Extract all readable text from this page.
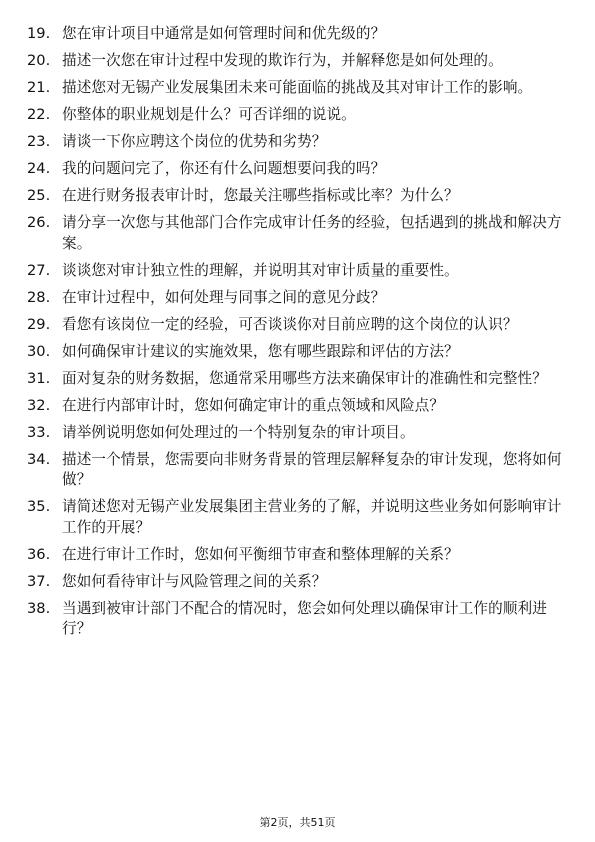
19. 您在审计项目中通常是如何管理时间和优先级的？
20. 描述一次您在审计过程中发现的欺诈行为，并解释您是如何处理的。
21. 描述您对无锡产业发展集团未来可能面临的挑战及其对审计工作的影响。
22. 你整体的职业规划是什么？可否详细的说说。
23. 请谈一下你应聘这个岗位的优势和劣势？
24. 我的问题问完了，你还有什么问题想要问我的吗？
25. 在进行财务报表审计时，您最关注哪些指标或比率？为什么？
26. 请分享一次您与其他部门合作完成审计任务的经验，包括遇到的挑战和解决方案。
27. 谈谈您对审计独立性的理解，并说明其对审计质量的重要性。
28. 在审计过程中，如何处理与同事之间的意见分歧？
29. 看您有该岗位一定的经验，可否谈谈你对目前应聘的这个岗位的认识？
30. 如何确保审计建议的实施效果，您有哪些跟踪和评估的方法？
31. 面对复杂的财务数据，您通常采用哪些方法来确保审计的准确性和完整性？
32. 在进行内部审计时，您如何确定审计的重点领域和风险点？
33. 请举例说明您如何处理过的一个特别复杂的审计项目。
34. 描述一个情景，您需要向非财务背景的管理层解释复杂的审计发现，您将如何做？
35. 请简述您对无锡产业发展集团主营业务的了解，并说明这些业务如何影响审计工作的开展？
36. 在进行审计工作时，您如何平衡细节审查和整体理解的关系？
37. 您如何看待审计与风险管理之间的关系？
38. 当遇到被审计部门不配合的情况时，您会如何处理以确保审计工作的顺利进行？
第2页，共51页
